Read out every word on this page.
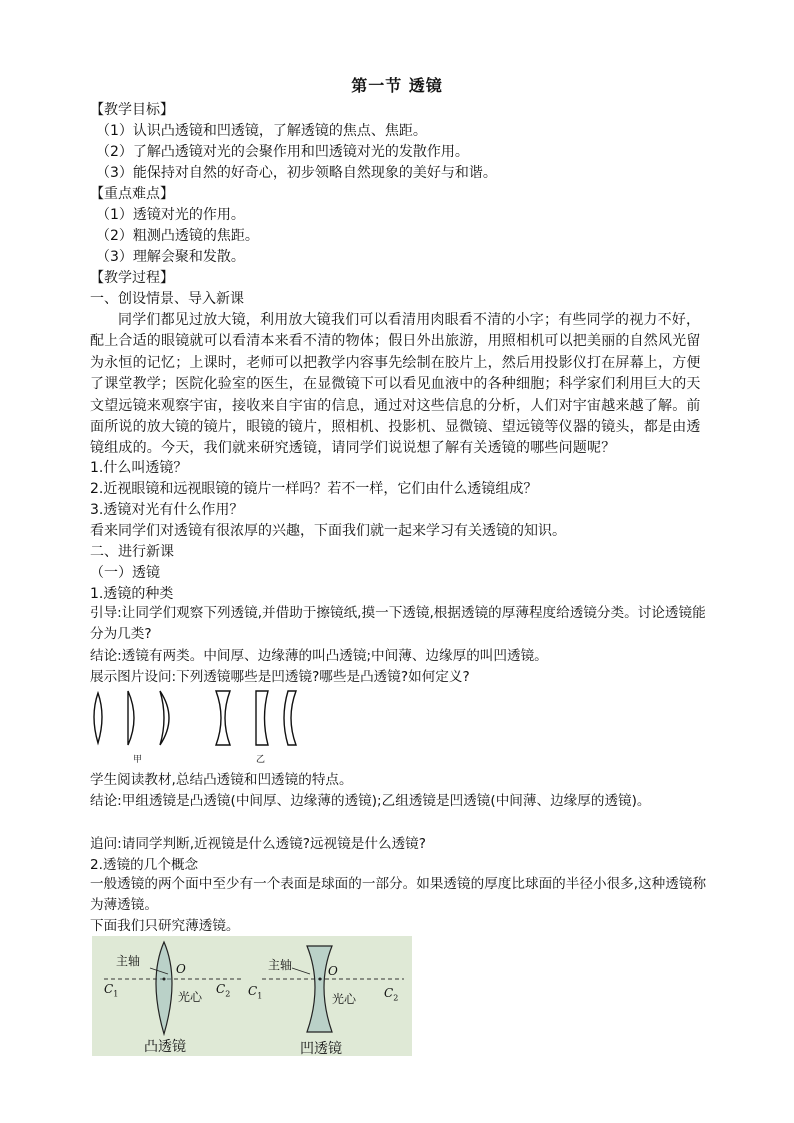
第一节 透镜
【教学目标】
（1）认识凸透镜和凹透镜，了解透镜的焦点、焦距。
（2）了解凸透镜对光的会聚作用和凹透镜对光的发散作用。
（3）能保持对自然的好奇心，初步领略自然现象的美好与和谐。
【重点难点】
（1）透镜对光的作用。
（2）粗测凸透镜的焦距。
（3）理解会聚和发散。
【教学过程】
一、创设情景、导入新课
同学们都见过放大镜，利用放大镜我们可以看清用肉眼看不清的小字；有些同学的视力不好，配上合适的眼镜就可以看清本来看不清的物体；假日外出旅游，用照相机可以把美丽的自然风光留为永恒的记忆；上课时，老师可以把教学内容事先绘制在胶片上，然后用投影仪打在屏幕上，方便了课堂教学；医院化验室的医生，在显微镜下可以看见血液中的各种细胞；科学家们利用巨大的天文望远镜来观察宇宙，接收来自宇宙的信息，通过对这些信息的分析，人们对宇宙越来越了解。前面所说的放大镜的镜片，眼镜的镜片，照相机、投影机、显微镜、望远镜等仪器的镜头，都是由透镜组成的。今天，我们就来研究透镜，请同学们说说想了解有关透镜的哪些问题呢？
1.什么叫透镜？
2.近视眼镜和远视眼镜的镜片一样吗？若不一样，它们由什么透镜组成？
3.透镜对光有什么作用？
看来同学们对透镜有很浓厚的兴趣，下面我们就一起来学习有关透镜的知识。
二、进行新课
（一）透镜
1.透镜的种类
引导:让同学们观察下列透镜,并借助于擦镜纸,摸一下透镜,根据透镜的厚薄程度给透镜分类。讨论透镜能分为几类?
结论:透镜有两类。中间厚、边缘薄的叫凸透镜;中间薄、边缘厚的叫凹透镜。
展示图片设问:下列透镜哪些是凹透镜?哪些是凸透镜?如何定义?
甲	乙
学生阅读教材,总结凸透镜和凹透镜的特点。
结论:甲组透镜是凸透镜(中间厚、边缘薄的透镜);乙组透镜是凹透镜(中间薄、边缘厚的透镜)。
追问:请同学判断,近视镜是什么透镜?远视镜是什么透镜?
2.透镜的几个概念
一般透镜的两个面中至少有一个表面是球面的一部分。如果透镜的厚度比球面的半径小很多,这种透镜称为薄透镜。
下面我们只研究薄透镜。
主轴
O
光心
$C_1$	$C_2$
主轴	O
光心
$C_1$	$C_2$
凸透镜	凹透镜
